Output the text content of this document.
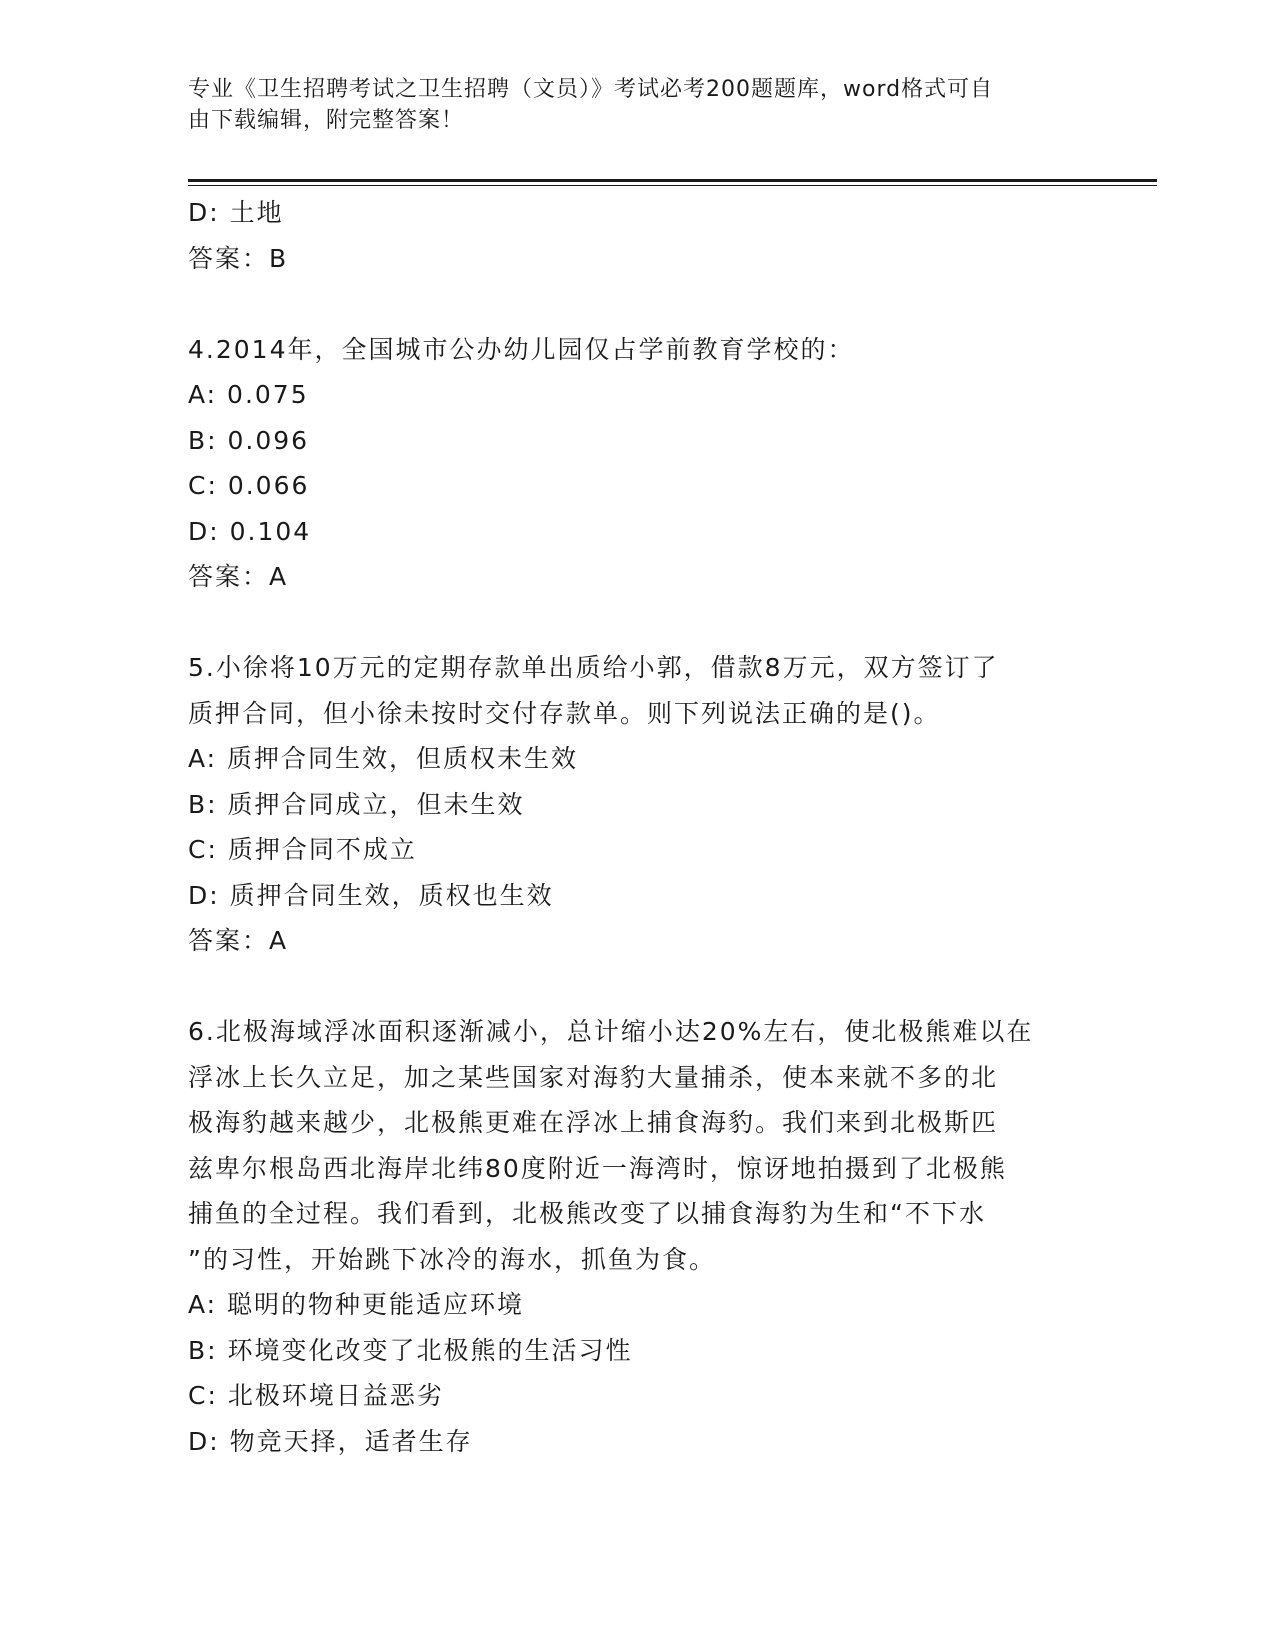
专业《卫生招聘考试之卫生招聘（文员）》考试必考200题题库，word格式可自
由下载编辑，附完整答案！
D: 土地
答案：B
4.2014年，全国城市公办幼儿园仅占学前教育学校的：
A: 0.075
B: 0.096
C: 0.066
D: 0.104
答案：A
5.小徐将10万元的定期存款单出质给小郭，借款8万元，双方签订了
质押合同，但小徐未按时交付存款单。则下列说法正确的是()。
A: 质押合同生效，但质权未生效
B: 质押合同成立，但未生效
C: 质押合同不成立
D: 质押合同生效，质权也生效
答案：A
6.北极海域浮冰面积逐渐减小，总计缩小达20%左右，使北极熊难以在
浮冰上长久立足，加之某些国家对海豹大量捕杀，使本来就不多的北
极海豹越来越少，北极熊更难在浮冰上捕食海豹。我们来到北极斯匹
兹卑尔根岛西北海岸北纬80度附近一海湾时，惊讶地拍摄到了北极熊
捕鱼的全过程。我们看到，北极熊改变了以捕食海豹为生和“不下水
”的习性，开始跳下冰冷的海水，抓鱼为食。
A: 聪明的物种更能适应环境
B: 环境变化改变了北极熊的生活习性
C: 北极环境日益恶劣
D: 物竞天择，适者生存
